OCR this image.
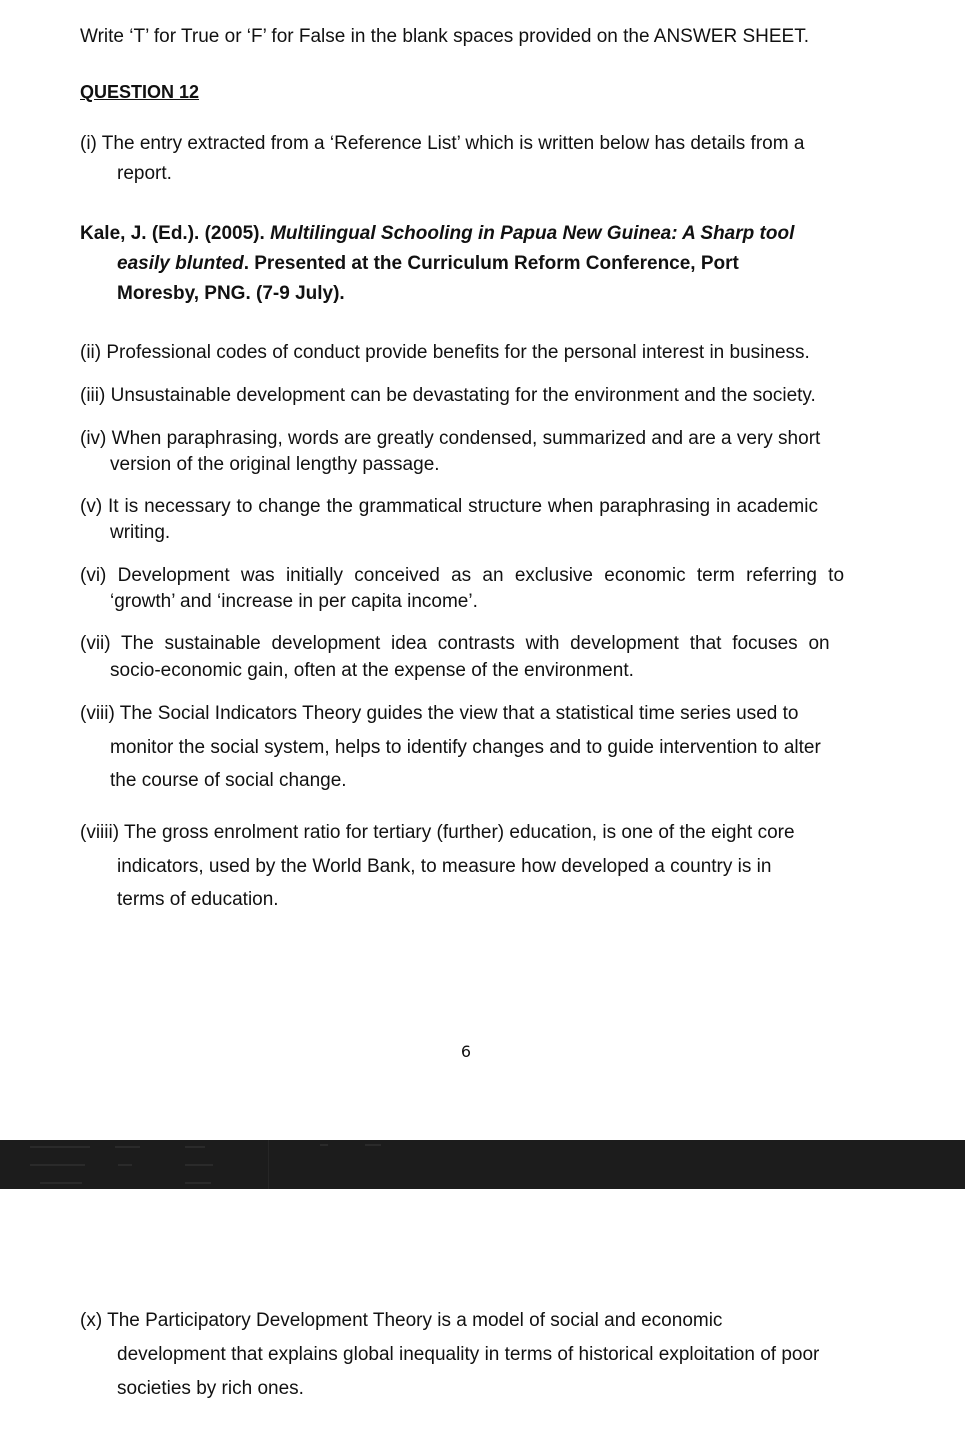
Write ‘T’ for True or ‘F’ for False in the blank spaces provided on the ANSWER SHEET.
QUESTION 12
(i) The entry extracted from a ‘Reference List’ which is written below has details from a
report.
Kale, J. (Ed.). (2005). Multilingual Schooling in Papua New Guinea: A Sharp tool
easily blunted. Presented at the Curriculum Reform Conference, Port
Moresby, PNG. (7-9 July).
(ii) Professional codes of conduct provide benefits for the personal interest in business.
(iii) Unsustainable development can be devastating for the environment and the society.
(iv) When paraphrasing, words are greatly condensed, summarized and are a very short
version of the original lengthy passage.
(v) It is necessary to change the grammatical structure when paraphrasing in academic
writing.
(vi) Development was initially conceived as an exclusive economic term referring to
‘growth’ and ‘increase in per capita income’.
(vii) The sustainable development idea contrasts with development that focuses on
socio-economic gain, often at the expense of the environment.
(viii) The Social Indicators Theory guides the view that a statistical time series used to
monitor the social system, helps to identify changes and to guide intervention to alter
the course of social change.
(viiii) The gross enrolment ratio for tertiary (further) education, is one of the eight core
indicators, used by the World Bank, to measure how developed a country is in
terms of education.
6
(x) The Participatory Development Theory is a model of social and economic
development that explains global inequality in terms of historical exploitation of poor
societies by rich ones.
